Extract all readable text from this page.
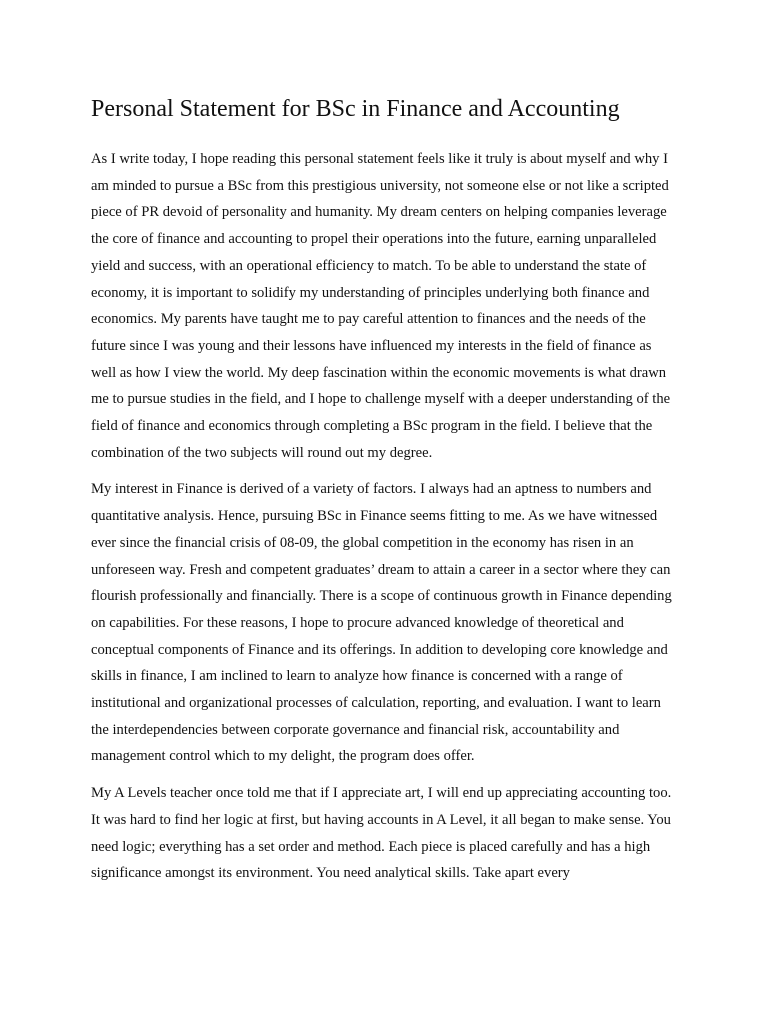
Personal Statement for BSc in Finance and Accounting

As I write today, I hope reading this personal statement feels like it truly is about myself and why I am minded to pursue a BSc from this prestigious university, not someone else or not like a scripted piece of PR devoid of personality and humanity. My dream centers on helping companies leverage the core of finance and accounting to propel their operations into the future, earning unparalleled yield and success, with an operational efficiency to match. To be able to understand the state of economy, it is important to solidify my understanding of principles underlying both finance and economics. My parents have taught me to pay careful attention to finances and the needs of the future since I was young and their lessons have influenced my interests in the field of finance as well as how I view the world. My deep fascination within the economic movements is what drawn me to pursue studies in the field, and I hope to challenge myself with a deeper understanding of the field of finance and economics through completing a BSc program in the field. I believe that the combination of the two subjects will round out my degree.

My interest in Finance is derived of a variety of factors. I always had an aptness to numbers and quantitative analysis. Hence, pursuing BSc in Finance seems fitting to me. As we have witnessed ever since the financial crisis of 08-09, the global competition in the economy has risen in an unforeseen way. Fresh and competent graduates’ dream to attain a career in a sector where they can flourish professionally and financially. There is a scope of continuous growth in Finance depending on capabilities. For these reasons, I hope to procure advanced knowledge of theoretical and conceptual components of Finance and its offerings. In addition to developing core knowledge and skills in finance, I am inclined to learn to analyze how finance is concerned with a range of institutional and organizational processes of calculation, reporting, and evaluation. I want to learn the interdependencies between corporate governance and financial risk, accountability and management control which to my delight, the program does offer.

My A Levels teacher once told me that if I appreciate art, I will end up appreciating accounting too. It was hard to find her logic at first, but having accounts in A Level, it all began to make sense. You need logic; everything has a set order and method. Each piece is placed carefully and has a high significance amongst its environment. You need analytical skills. Take apart every
